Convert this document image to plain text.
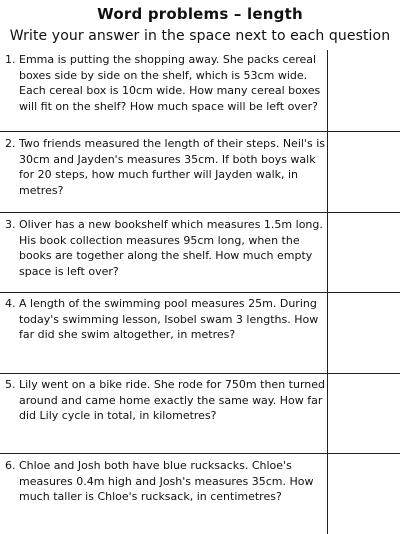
Word problems – length
Write your answer in the space next to each question
1. Emma is putting the shopping away. She packs cereal boxes side by side on the shelf, which is 53cm wide. Each cereal box is 10cm wide. How many cereal boxes will fit on the shelf? How much space will be left over?
2. Two friends measured the length of their steps. Neil's is 30cm and Jayden's measures 35cm. If both boys walk for 20 steps, how much further will Jayden walk, in metres?
3. Oliver has a new bookshelf which measures 1.5m long. His book collection measures 95cm long, when the books are together along the shelf. How much empty space is left over?
4. A length of the swimming pool measures 25m. During today's swimming lesson, Isobel swam 3 lengths. How far did she swim altogether, in metres?
5. Lily went on a bike ride. She rode for 750m then turned around and came home exactly the same way. How far did Lily cycle in total, in kilometres?
6. Chloe and Josh both have blue rucksacks. Chloe's measures 0.4m high and Josh's measures 35cm. How much taller is Chloe's rucksack, in centimetres?
